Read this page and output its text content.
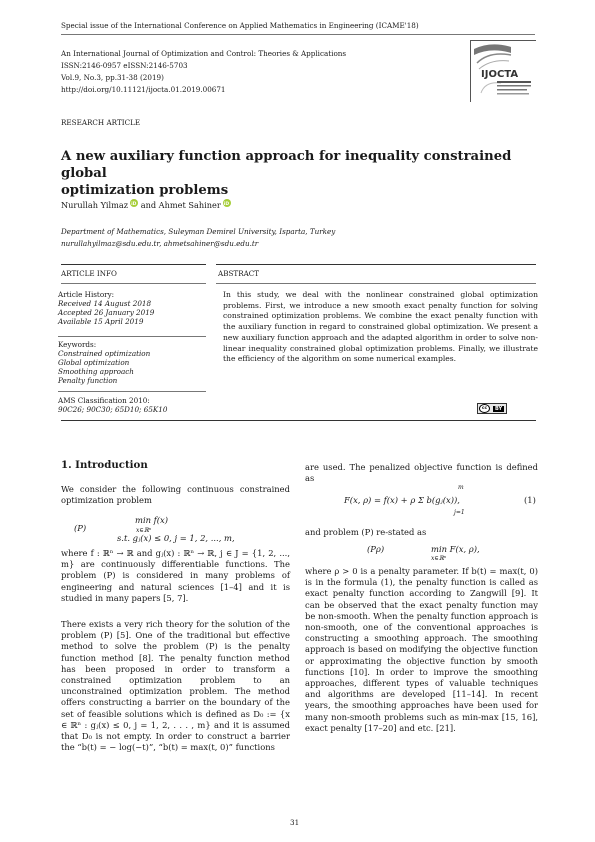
Special issue of the International Conference on Applied Mathematics in Engineering (ICAME'18)
An International Journal of Optimization and Control: Theories & Applications
ISSN:2146-0957 eISSN:2146-5703
Vol.9, No.3, pp.31-38 (2019)
http://doi.org/10.11121/ijocta.01.2019.00671
IJOCTA
RESEARCH ARTICLE
A new auxiliary function approach for inequality constrained global
optimization problems
Nurullah YilmaziD and Ahmet SahineriD
Department of Mathematics, Suleyman Demirel University, Isparta, Turkey
nurullahyilmaz@sdu.edu.tr, ahmetsahiner@sdu.edu.tr
ARTICLE INFO	ABSTRACT
Article History:
Received 14 August 2018
Accepted 26 January 2019
Available 15 April 2019
Keywords:
Constrained optimization
Global optimization
Smoothing approach
Penalty function
AMS Classification 2010:
90C26; 90C30; 65D10; 65K10
In this study, we deal with the nonlinear constrained global optimization problems. First, we introduce a new smooth exact penalty function for solving constrained optimization problems. We combine the exact penalty function with the auxiliary function in regard to constrained global optimization. We present a new auxiliary function approach and the adapted algorithm in order to solve non-linear inequality constrained global optimization problems. Finally, we illustrate the efficiency of the algorithm on some numerical examples.
cc	BY
1. Introduction
We consider the following continuous constrained optimization problem
(P)
min f(x)
x∈ℝⁿ
s.t. gⱼ(x) ≤ 0, j = 1, 2, ..., m,
where f : ℝⁿ → ℝ and gⱼ(x) : ℝⁿ → ℝ, j ∈ J = {1, 2, ..., m} are continuously differentiable functions. The problem (P) is considered in many problems of engineering and natural sciences [1–4] and it is studied in many papers [5, 7].
There exists a very rich theory for the solution of the problem (P) [5]. One of the traditional but effective method to solve the problem (P) is the penalty function method [8]. The penalty function method has been proposed in order to transform a constrained optimization problem to an unconstrained optimization problem. The method offers constructing a barrier on the boundary of the set of feasible solutions which is defined as D₀ := {x ∈ ℝⁿ : gⱼ(x) ≤ 0, j = 1, 2, . . . , m} and it is assumed that D₀ is not empty. In order to construct a barrier the “b(t) = − log(−t)”, “b(t) = max(t, 0)” functions
are used. The penalized objective function is defined as
F(x, ρ) = f(x) + ρ Σ b(gⱼ(x)),
m
j=1
(1)
and problem (P) re-stated as
(Pρ)	min F(x, ρ),
x∈ℝⁿ
where ρ > 0 is a penalty parameter. If b(t) = max(t, 0) is in the formula (1), the penalty function is called as exact penalty function according to Zangwill [9]. It can be observed that the exact penalty function may be non-smooth. When the penalty function approach is non-smooth, one of the conventional approaches is constructing a smoothing approach. The smoothing approach is based on modifying the objective function or approximating the objective function by smooth functions [10]. In order to improve the smoothing approaches, different types of valuable techniques and algorithms are developed [11–14]. In recent years, the smoothing approaches have been used for many non-smooth problems such as min-max [15, 16], exact penalty [17–20] and etc. [21].
31
